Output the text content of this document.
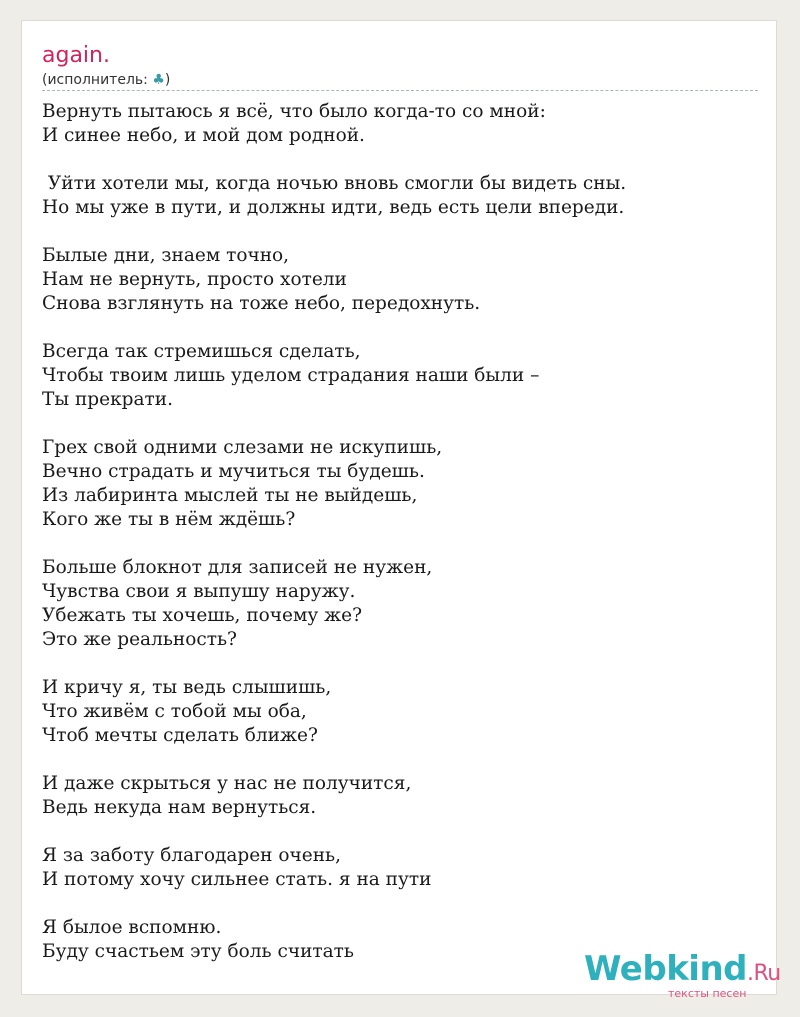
again.
(исполнитель: ♣)
Вернуть пытаюсь я всё, что было когда-то со мной:
И синее небо, и мой дом родной.
Уйти хотели мы, когда ночью вновь смогли бы видеть сны.
Но мы уже в пути, и должны идти, ведь есть цели впереди.
Былые дни, знаем точно,
Нам не вернуть, просто хотели
Снова взглянуть на тоже небо, передохнуть.
Всегда так стремишься сделать,
Чтобы твоим лишь уделом страдания наши были –
Ты прекрати.
Грех свой одними слезами не искупишь,
Вечно страдать и мучиться ты будешь.
Из лабиринта мыслей ты не выйдешь,
Кого же ты в нём ждёшь?
Больше блокнот для записей не нужен,
Чувства свои я выпушу наружу.
Убежать ты хочешь, почему же?
Это же реальность?
И кричу я, ты ведь слышишь,
Что живём с тобой мы оба,
Чтоб мечты сделать ближе?
И даже скрыться у нас не получится,
Ведь некуда нам вернуться.
Я за заботу благодарен очень,
И потому хочу сильнее стать. я на пути
Я былое вспомню.
Буду счастьем эту боль считать	Webkind.Ru
тексты песен
